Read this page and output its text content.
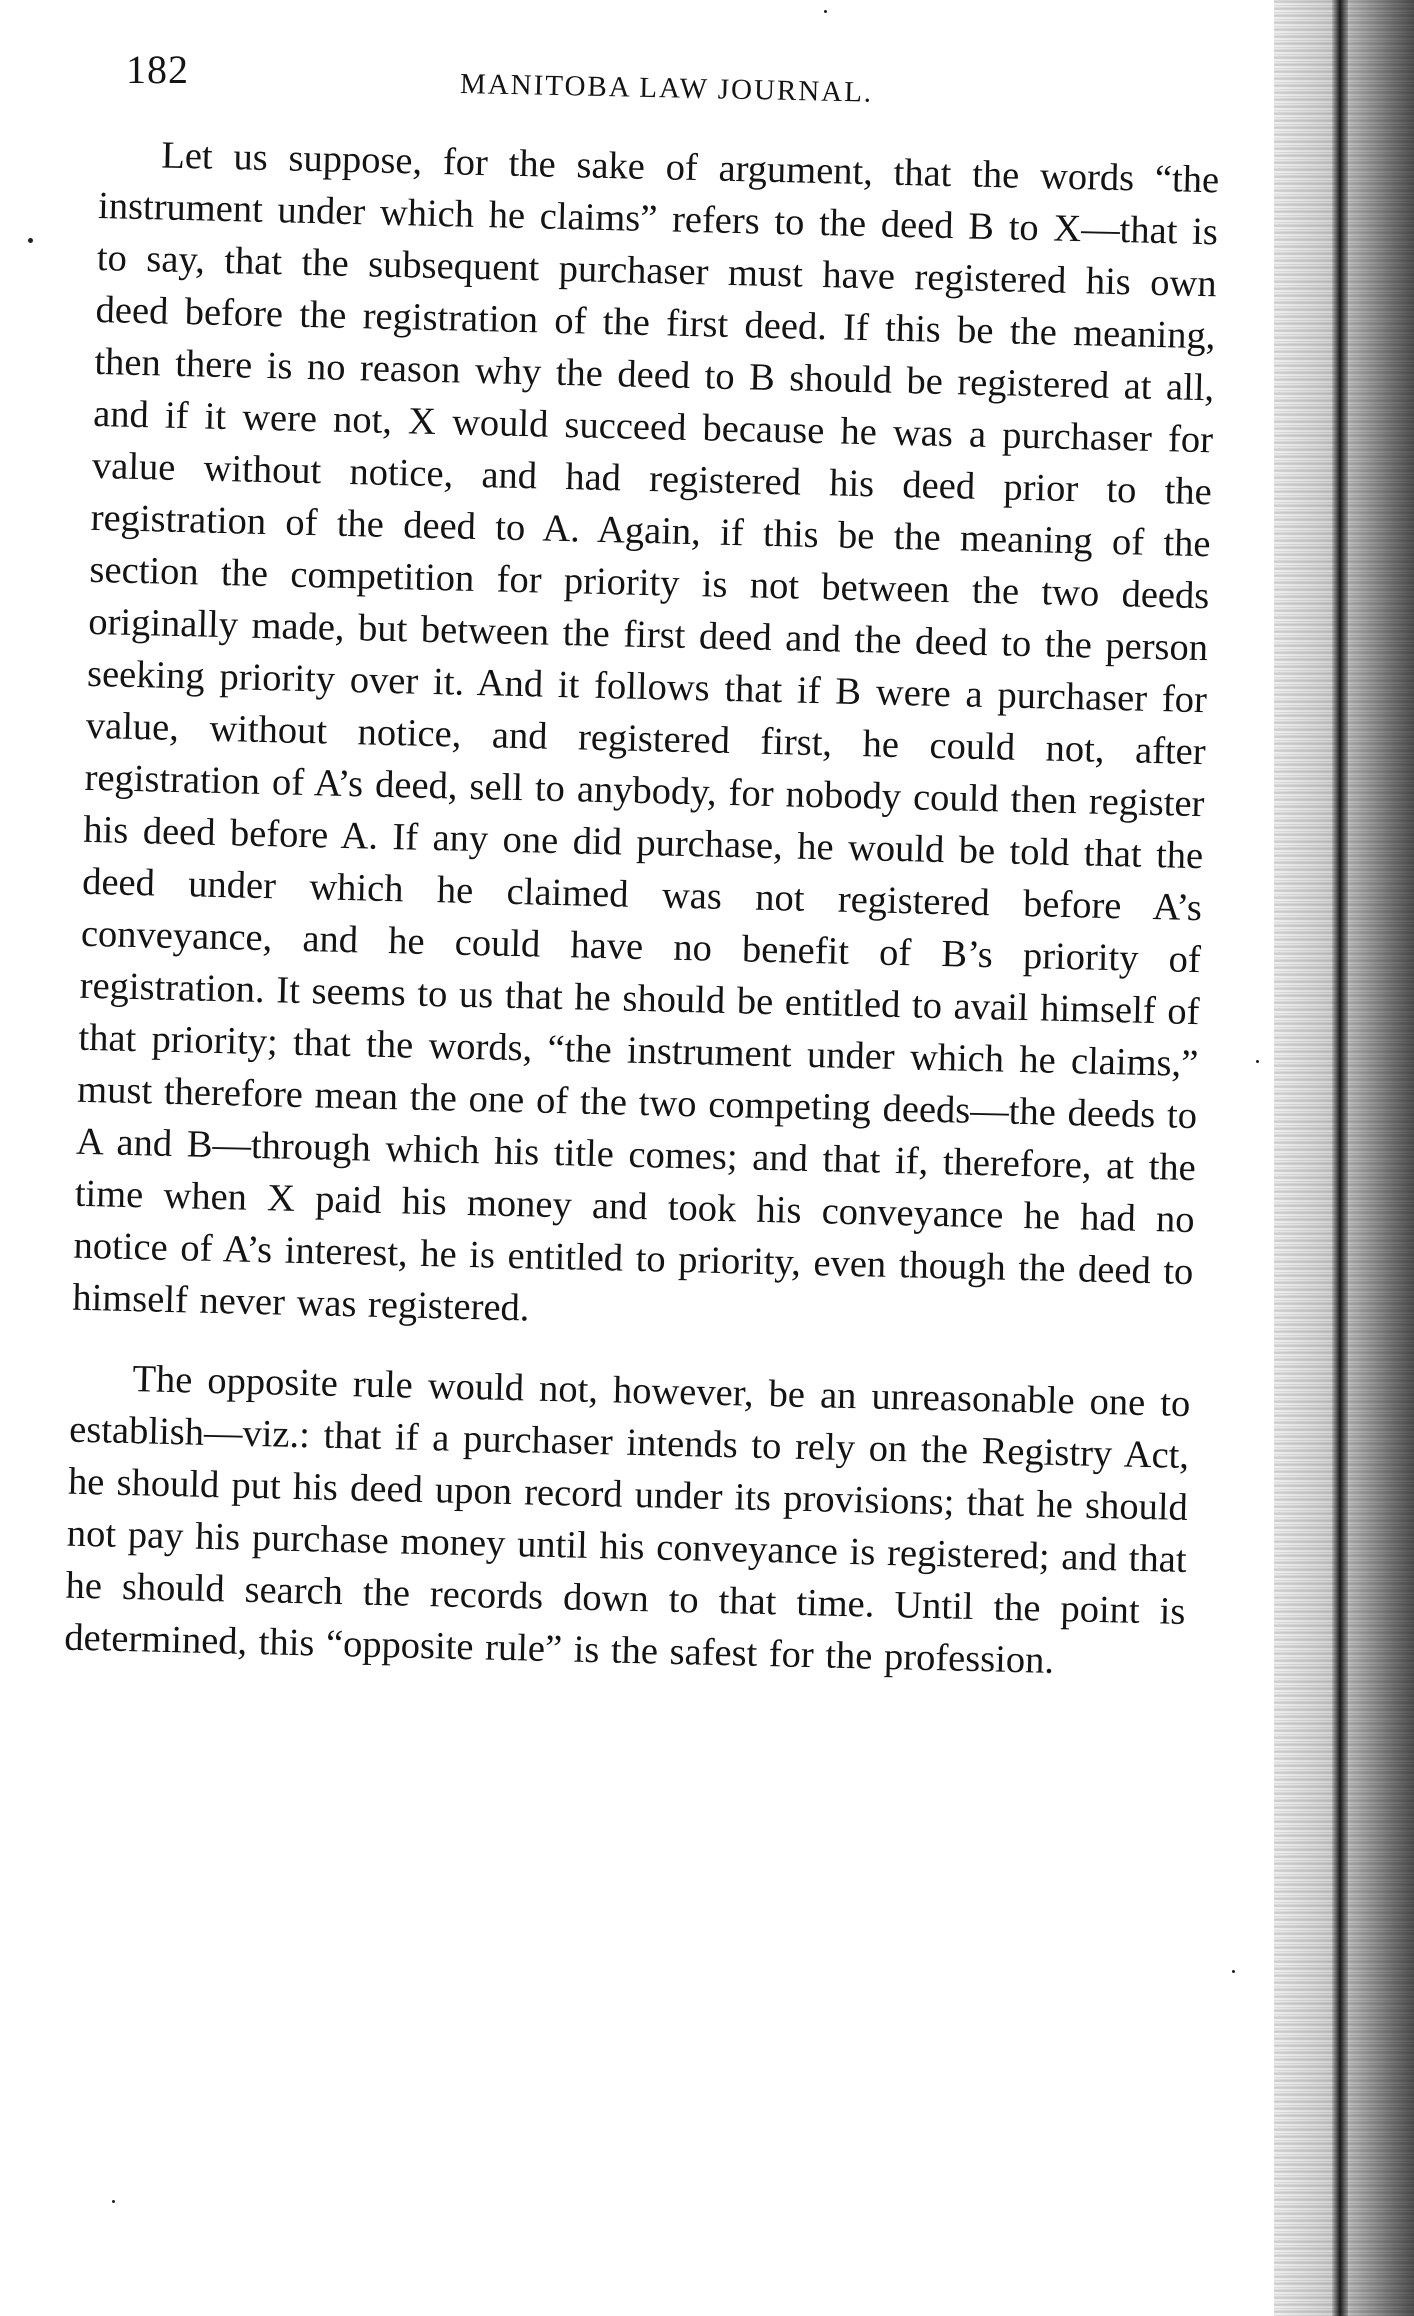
182	MANITOBA LAW JOURNAL.

Let us suppose, for the sake of argument, that the words “the instrument under which he claims” refers to the deed B to X—that is to say, that the subsequent purchaser must have registered his own deed before the registration of the first deed. If this be the meaning, then there is no reason why the deed to B should be registered at all, and if it were not, X would succeed because he was a purchaser for value without notice, and had registered his deed prior to the registration of the deed to A. Again, if this be the meaning of the section the competition for priority is not between the two deeds originally made, but between the first deed and the deed to the person seeking priority over it. And it follows that if B were a purchaser for value, without notice, and registered first, he could not, after registration of A’s deed, sell to anybody, for nobody could then register his deed before A. If any one did purchase, he would be told that the deed under which he claimed was not registered before A’s conveyance, and he could have no benefit of B’s priority of registration. It seems to us that he should be entitled to avail himself of that priority; that the words, “the instrument under which he claims,” must therefore mean the one of the two competing deeds—the deeds to A and B—through which his title comes; and that if, therefore, at the time when X paid his money and took his conveyance he had no notice of A’s interest, he is entitled to priority, even though the deed to himself never was registered.

The opposite rule would not, however, be an unreasonable one to establish—viz.: that if a purchaser intends to rely on the Registry Act, he should put his deed upon record under its provisions; that he should not pay his purchase money until his conveyance is registered; and that he should search the records down to that time. Until the point is determined, this “opposite rule” is the safest for the profession.
